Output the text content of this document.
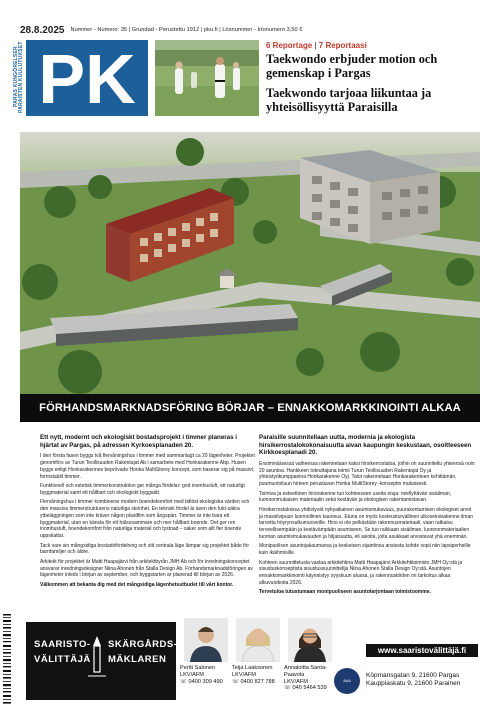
28.8.2025 Nummer - Numero: 35 | Grundad - Perustettu 1912 | pku.fi | Lösnummer - Irtonumero 3,50 €
PARAS KUNGÖRELSER
PARAISTEN KUULUTUKSET PK	6 Reportage | 7 Reportaasi
Taekwondo erbjuder motion och gemenskap i Pargas
Taekwondo tarjoaa liikuntaa ja yhteisöllisyyttä Paraisilla
FÖRHANDSMARKNADSFÖRING BÖRJAR – ENNAKKOMARKKINOINTI ALKAA
Ett nytt, modernt och ekologiskt bostadsprojekt i timmer planeras i hjärtat av Pargas, på adressen Kyrkoesplanaden 20.

I den första fasen byggs två flervåningshus i timmer med sammanlagt ca 20 lägenheter. Projektet genomförs av Turun Teollisuuden Rakentajat Ab i samarbete med Honkarakenne Abp. Husen byggs enligt Honkarakennes beprövade Honka MultiStorey koncept, som baserar sig på massivt, formstabilt timmer.

Funktionell och estetisk timmerkonstruktion ger många fördelar: god inomhusluft, ett naturligt byggmaterial samt ett hållbart och ekologiskt byggsätt.

Flervåningshus i timmer kombinerar modern boendekomfort med tidlöst ekologiska värden och den massiva timmerstrukturens naturliga skönhet. En teknisk fördel är även den fukt-säkra ytbeläggningen som inte kräver någon plastfilm som ångspärr. Timmer är inte bara ett byggmaterial, utan en känsla för ett hälsosammare och mer hållbart boende. Det ger ren inomhusluft, boendekomfort från naturliga material och tystnad – saker som allt fler boende uppskattar.

Tack vare sin mångsidiga bostadsfördelning och sitt centrala läge lämpar sig projektet både för barnfamiljer och äldre.

Arkitekt för projektet är Matti Haapajärvi från arkitektbyrån JMH Ab och för inredningskonceptet ansvarar inredningsdesigner Niina Ahonen från Stalla Design Ab. Förhandsmarknadsföringen av lägenheter inleds i början av september, och byggstarten är planerad till början av 2026.

Välkommen att bekanta dig med det mångsidiga lägenhetsutbudet till vårt kontor.

Paraisille suunnitellaan uutta, modernia ja ekologista hirsikerrostalokokonaisuutta aivan kaupungin keskustaan, osoitteeseen Kirkkoesplanadi 20.

Ensimmäisessä vaiheessa rakennetaan kaksi hirsikerrostaloa, joihin on suunniteltu yhteensä noin 20 asuntoa. Hankkeen toteuttajana toimii Turun Teollisuuden Rakentajat Oy ja yhteistyökumppanina Honkarakenne Oyj. Talot rakennetaan Honkarakenteen kehittämän, puumuotoiluun hirteen perustuvan Honka MultiStorey -konseptin mukaisesti.

Toimiva ja esteettinen hirsirakenne tuo kohteeseen useita etuja: miellyttävän sisäilman, luonnonmukaisen materiaalin sekä kestävän ja ekologisen rakentamistavan.

Hirsikerrostaloissa yhdistyvät nykyaikainen asumismukavuus, puurakentamisen ekologiset arvot ja massiivipuun luonnollinen kauneus. Etuna on myös kosteusturvallinen ulkoseinärakenne ilman tarvetta höyrynsulkumuoveille. Hirsi ei ole pelkästään rakennusmateriaali, vaan ratkaisu terveellisempään ja kestävämpään asumiseen. Se tuo raikkaan sisäilman, luonnonmateriaalien tuoman asumismukavuuden ja hiljaisuutta, eli asioita, joita asukkaat arvostavat yhä enemmän.

Monipuolisen asuntojakaumansa ja keskeisen sijaintinsa ansiosta kohde sopii niin lapsiperheille kuin ikäihmisille.

Kohteen suunnittelusta vastaa arkkitehtina Matti Haapajärvi Arkkitehtitoimisto JMH Oy:stä ja sisustuskonseptista sisustussuunnittelija Niina Ahonen Stalla Design Oy:stä. Asuntojen ennakkomarkkinointi käynnistyy syyskuun alussa, ja rakennustöiden on tarkoitus alkaa alkuvuodesta 2026.

Tervetuloa tutustumaan monipuoliseen asuntotarjontaan toimistoomme.

SAARISTO-
VÄLITTÄJÄ
SKÄRGÅRDS-
MÄKLAREN
Pertti Salonen
LKV/AFM
☏ 0400 309 490
Teija Laaksonen
LKV/AFM
☏ 0400 827 788
Annaloitta Santa-Paavola
LKV/AFM
☏ 040 5464 539
www.saaristovälittäjä.fi
AAA
Köpmansgatan 9, 21600 Pargas
Kauppiaskatu 9, 21600 Parainen
